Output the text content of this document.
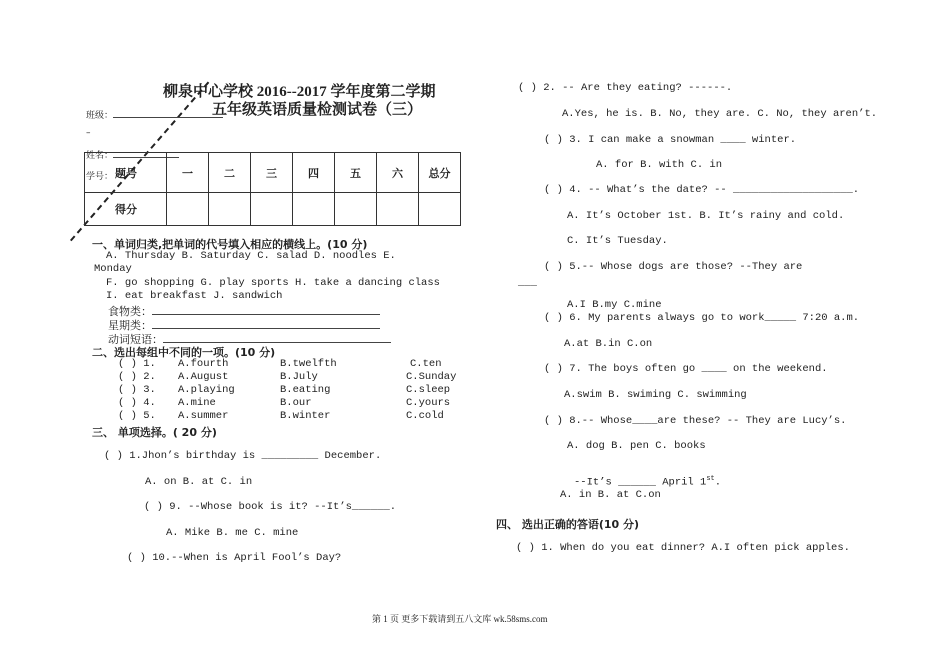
柳泉中心学校 2016--2017 学年度第二学期
五年级英语质量检测试卷（三）
班级：
–
姓名：
学号： 题号	一	二	三	四	五	六	总分
得分							
一、单词归类,把单词的代号填入相应的横线上。(10 分)
A. Thursday B. Saturday C. salad D. noodles E.
Monday
F. go shopping G. play sports H. take a dancing class
I. eat breakfast J. sandwich
食物类：
星期类：
动词短语：
二、选出每组中不同的一项。(10 分)
( ) 1. A.fourth	B.twelfth	C.ten
( ) 2. A.August	B.July	C.Sunday
( ) 3. A.playing	B.eating	C.sleep
( ) 4. A.mine	B.our	C.yours
( ) 5. A.summer	B.winter	C.cold
三、 单项选择。( 20 分)
( ) 1.Jhon’s birthday is _________ December.
A. on B. at C. in
( ) 9. --Whose book is it? --It’s______.
A. Mike B. me C. mine
( ) 10.--When is April Fool’s Day?
( ) 2. -- Are they eating? ------.
A.Yes, he is. B. No, they are. C. No, they aren’t.
( ) 3. I can make a snowman ____ winter.
A. for B. with C. in
( ) 4. -- What’s the date? -- ___________________.
A. It’s October 1st. B. It’s rainy and cold.
C. It’s Tuesday.
( ) 5.-- Whose dogs are those? --They are
___
A.I B.my C.mine
( ) 6. My parents always go to work_____ 7:20 a.m.
A.at B.in C.on
( ) 7. The boys often go ____ on the weekend.
A.swim B. swiming C. swimming
( ) 8.-- Whose____are these? -- They are Lucy’s.
A. dog B. pen C. books
--It’s ______ April 1st.
A. in B. at C.on
四、 选出正确的答语(10 分)
( ) 1. When do you eat dinner? A.I often pick apples.
第 1 页 更多下载请到五八文库 wk.58sms.com
